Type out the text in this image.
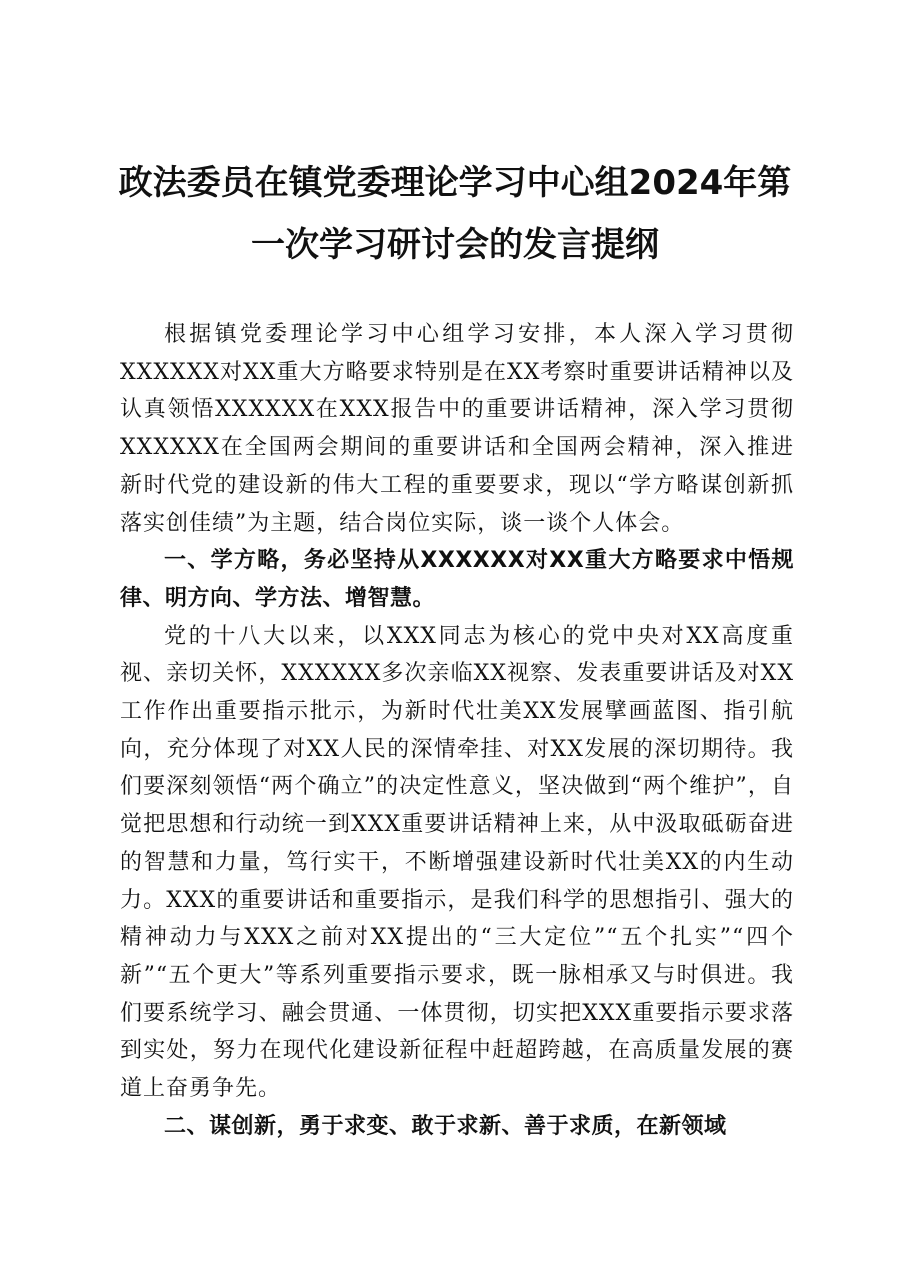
政法委员在镇党委理论学习中心组2024年第一次学习研讨会的发言提纲

根据镇党委理论学习中心组学习安排，本人深入学习贯彻XXXXXX对XX重大方略要求特别是在XX考察时重要讲话精神以及认真领悟XXXXXX在XXX报告中的重要讲话精神，深入学习贯彻XXXXXX在全国两会期间的重要讲话和全国两会精神，深入推进新时代党的建设新的伟大工程的重要要求，现以“学方略谋创新抓落实创佳绩”为主题，结合岗位实际，谈一谈个人体会。

一、学方略，务必坚持从XXXXXX对XX重大方略要求中悟规律、明方向、学方法、增智慧。

党的十八大以来，以XXX同志为核心的党中央对XX高度重视、亲切关怀，XXXXXX多次亲临XX视察、发表重要讲话及对XX工作作出重要指示批示，为新时代壮美XX发展擘画蓝图、指引航向，充分体现了对XX人民的深情牵挂、对XX发展的深切期待。我们要深刻领悟“两个确立”的决定性意义，坚决做到“两个维护”，自觉把思想和行动统一到XXX重要讲话精神上来，从中汲取砥砺奋进的智慧和力量，笃行实干，不断增强建设新时代壮美XX的内生动力。XXX的重要讲话和重要指示，是我们科学的思想指引、强大的精神动力与XXX之前对XX提出的“三大定位”“五个扎实”“四个新”“五个更大”等系列重要指示要求，既一脉相承又与时俱进。我们要系统学习、融会贯通、一体贯彻，切实把XXX重要指示要求落到实处，努力在现代化建设新征程中赶超跨越，在高质量发展的赛道上奋勇争先。

二、谋创新，勇于求变、敢于求新、善于求质，在新领域
